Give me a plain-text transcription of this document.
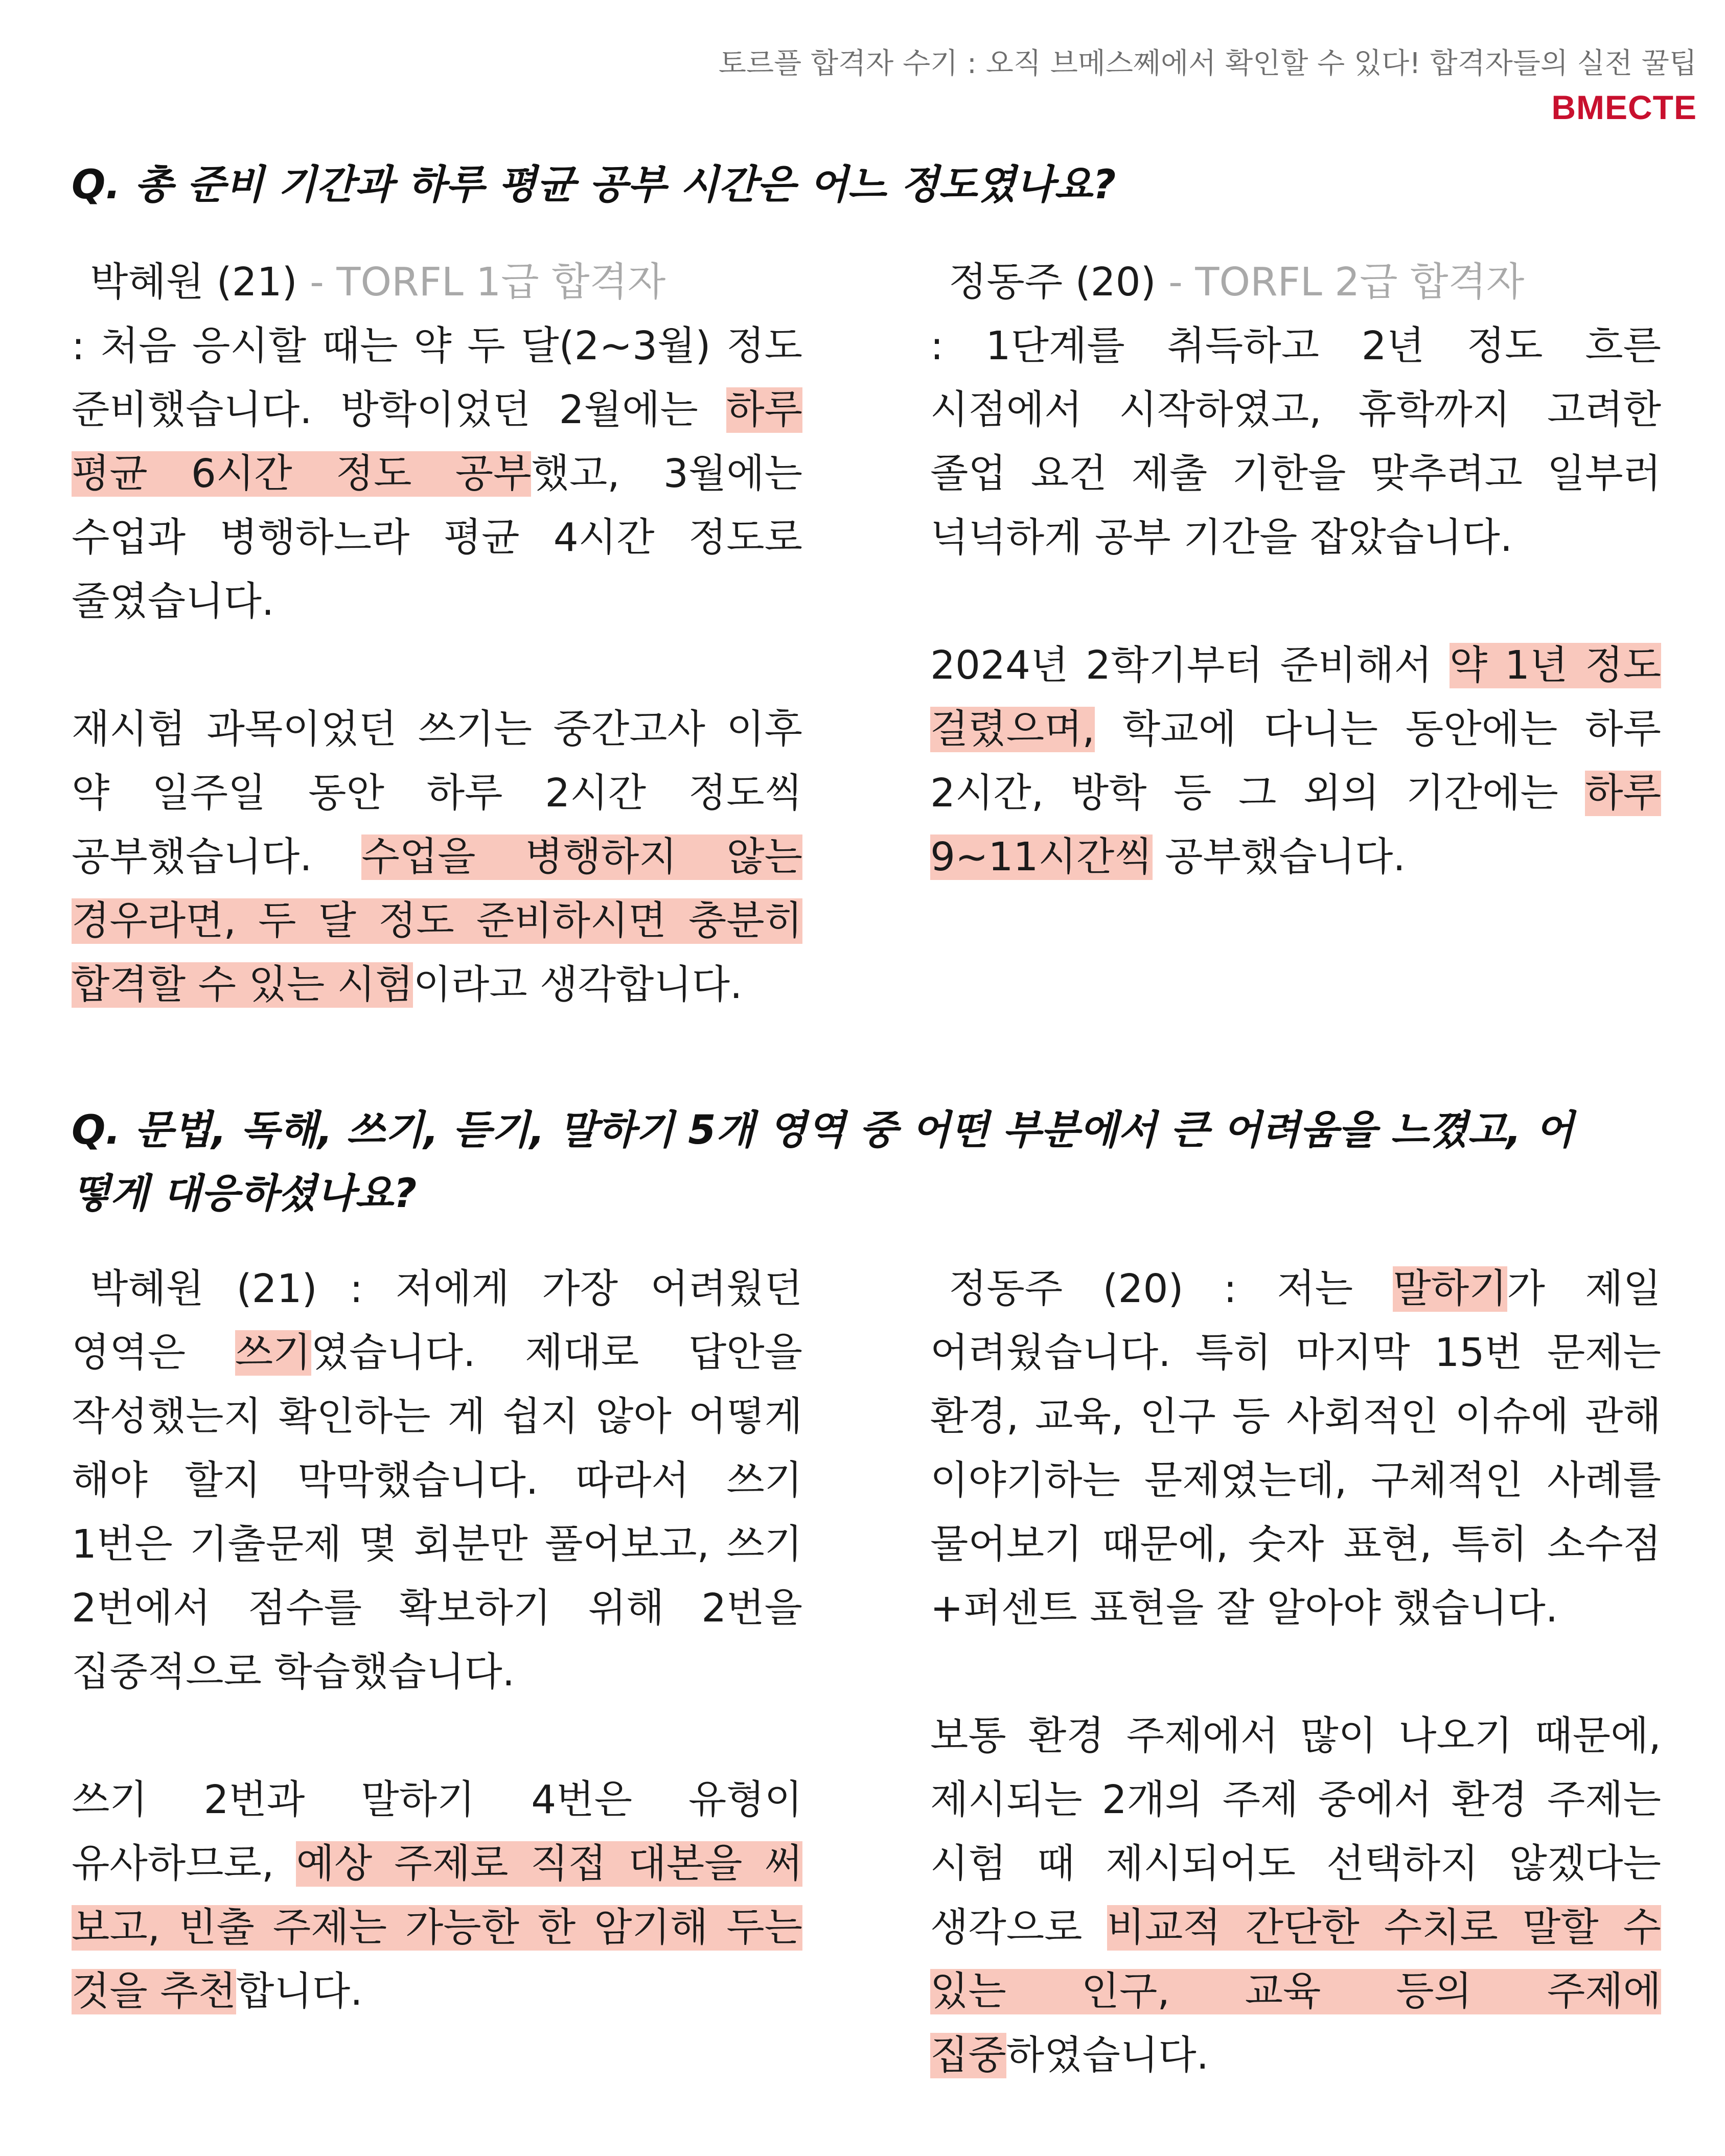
토르플 합격자 수기 : 오직 브메스쩨에서 확인할 수 있다! 합격자들의 실전 꿀팁
BMECTE
Q. 총 준비 기간과 하루 평균 공부 시간은 어느 정도였나요?

박혜원 (21) - TORFL 1급 합격자

: 처음 응시할 때는 약 두 달(2~3월) 정도 준비했습니다. 방학이었던 2월에는 하루 평균 6시간 정도 공부했고, 3월에는 수업과 병행하느라 평균 4시간 정도로 줄였습니다.

재시험 과목이었던 쓰기는 중간고사 이후 약 일주일 동안 하루 2시간 정도씩 공부했습니다. 수업을 병행하지 않는 경우라면, 두 달 정도 준비하시면 충분히 합격할 수 있는 시험이라고 생각합니다.

정동주 (20) - TORFL 2급 합격자

: 1단계를 취득하고 2년 정도 흐른 시점에서 시작하였고, 휴학까지 고려한 졸업 요건 제출 기한을 맞추려고 일부러 넉넉하게 공부 기간을 잡았습니다.

2024년 2학기부터 준비해서 약 1년 정도 걸렸으며, 학교에 다니는 동안에는 하루 2시간, 방학 등 그 외의 기간에는 하루 9~11시간씩 공부했습니다.

Q. 문법, 독해, 쓰기, 듣기, 말하기 5개 영역 중 어떤 부분에서 큰 어려움을 느꼈고, 어떻게 대응하셨나요?

박혜원 (21) : 저에게 가장 어려웠던 영역은 쓰기였습니다. 제대로 답안을 작성했는지 확인하는 게 쉽지 않아 어떻게 해야 할지 막막했습니다. 따라서 쓰기 1번은 기출문제 몇 회분만 풀어보고, 쓰기 2번에서 점수를 확보하기 위해 2번을 집중적으로 학습했습니다.

쓰기 2번과 말하기 4번은 유형이 유사하므로, 예상 주제로 직접 대본을 써 보고, 빈출 주제는 가능한 한 암기해 두는 것을 추천합니다.

정동주 (20) : 저는 말하기가 제일 어려웠습니다. 특히 마지막 15번 문제는 환경, 교육, 인구 등 사회적인 이슈에 관해 이야기하는 문제였는데, 구체적인 사례를 물어보기 때문에, 숫자 표현, 특히 소수점+퍼센트 표현을 잘 알아야 했습니다.

보통 환경 주제에서 많이 나오기 때문에, 제시되는 2개의 주제 중에서 환경 주제는 시험 때 제시되어도 선택하지 않겠다는 생각으로 비교적 간단한 수치로 말할 수 있는 인구, 교육 등의 주제에 집중하였습니다.
